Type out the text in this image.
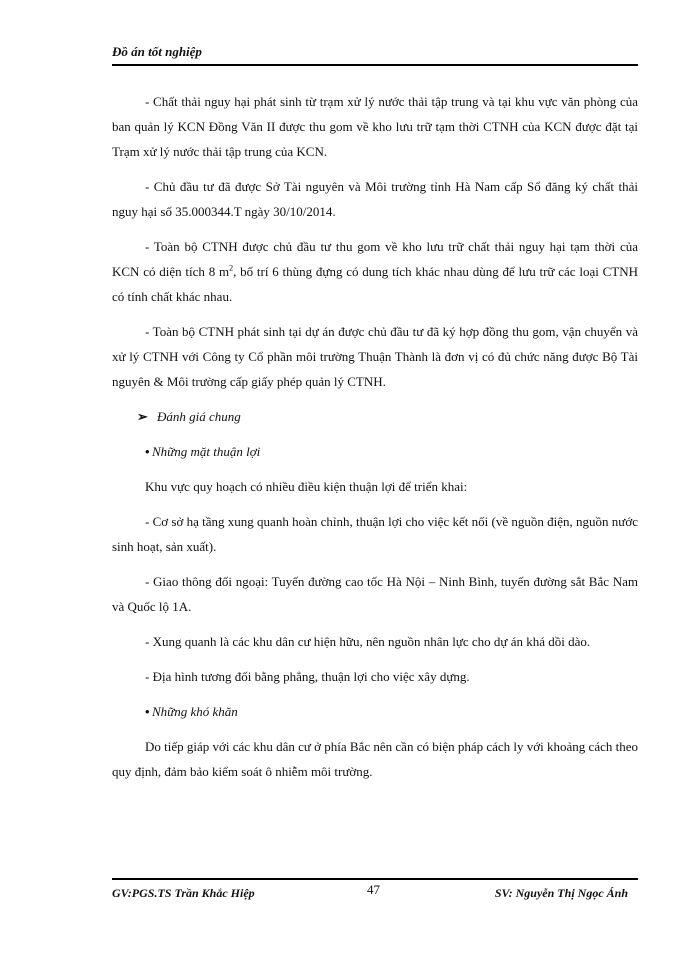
Đồ án tốt nghiệp

- Chất thải nguy hại phát sinh từ trạm xử lý nước thải tập trung và tại khu vực văn phòng của ban quản lý KCN Đồng Văn II được thu gom về kho lưu trữ tạm thời CTNH của KCN được đặt tại Trạm xử lý nước thải tập trung của KCN.

- Chủ đầu tư đã được Sở Tài nguyên và Môi trường tỉnh Hà Nam cấp Sổ đăng ký chất thải nguy hại số 35.000344.T ngày 30/10/2014.

- Toàn bộ CTNH được chủ đầu tư thu gom về kho lưu trữ chất thải nguy hại tạm thời của KCN có diện tích 8 $m^2$, bố trí 6 thùng đựng có dung tích khác nhau dùng để lưu trữ các loại CTNH có tính chất khác nhau.

- Toàn bộ CTNH phát sinh tại dự án được chủ đầu tư đã ký hợp đồng thu gom, vận chuyển và xử lý CTNH với Công ty Cổ phần môi trường Thuận Thành là đơn vị có đủ chức năng được Bộ Tài nguyên & Môi trường cấp giấy phép quản lý CTNH.

➢ Đánh giá chung

• Những mặt thuận lợi

Khu vực quy hoạch có nhiều điều kiện thuận lợi để triển khai:

- Cơ sở hạ tầng xung quanh hoàn chỉnh, thuận lợi cho việc kết nối (về nguồn điện, nguồn nước sinh hoạt, sản xuất).

- Giao thông đối ngoại: Tuyến đường cao tốc Hà Nội – Ninh Bình, tuyến đường sắt Bắc Nam và Quốc lộ 1A.

- Xung quanh là các khu dân cư hiện hữu, nên nguồn nhân lực cho dự án khá dồi dào.

- Địa hình tương đối bằng phẳng, thuận lợi cho việc xây dựng.

• Những khó khăn

Do tiếp giáp với các khu dân cư ở phía Bắc nên cần có biện pháp cách ly với khoảng cách theo quy định, đảm bảo kiểm soát ô nhiễm môi trường.

GV:PGS.TS Trần Khắc Hiệp	47	SV: Nguyễn Thị Ngọc Ánh
